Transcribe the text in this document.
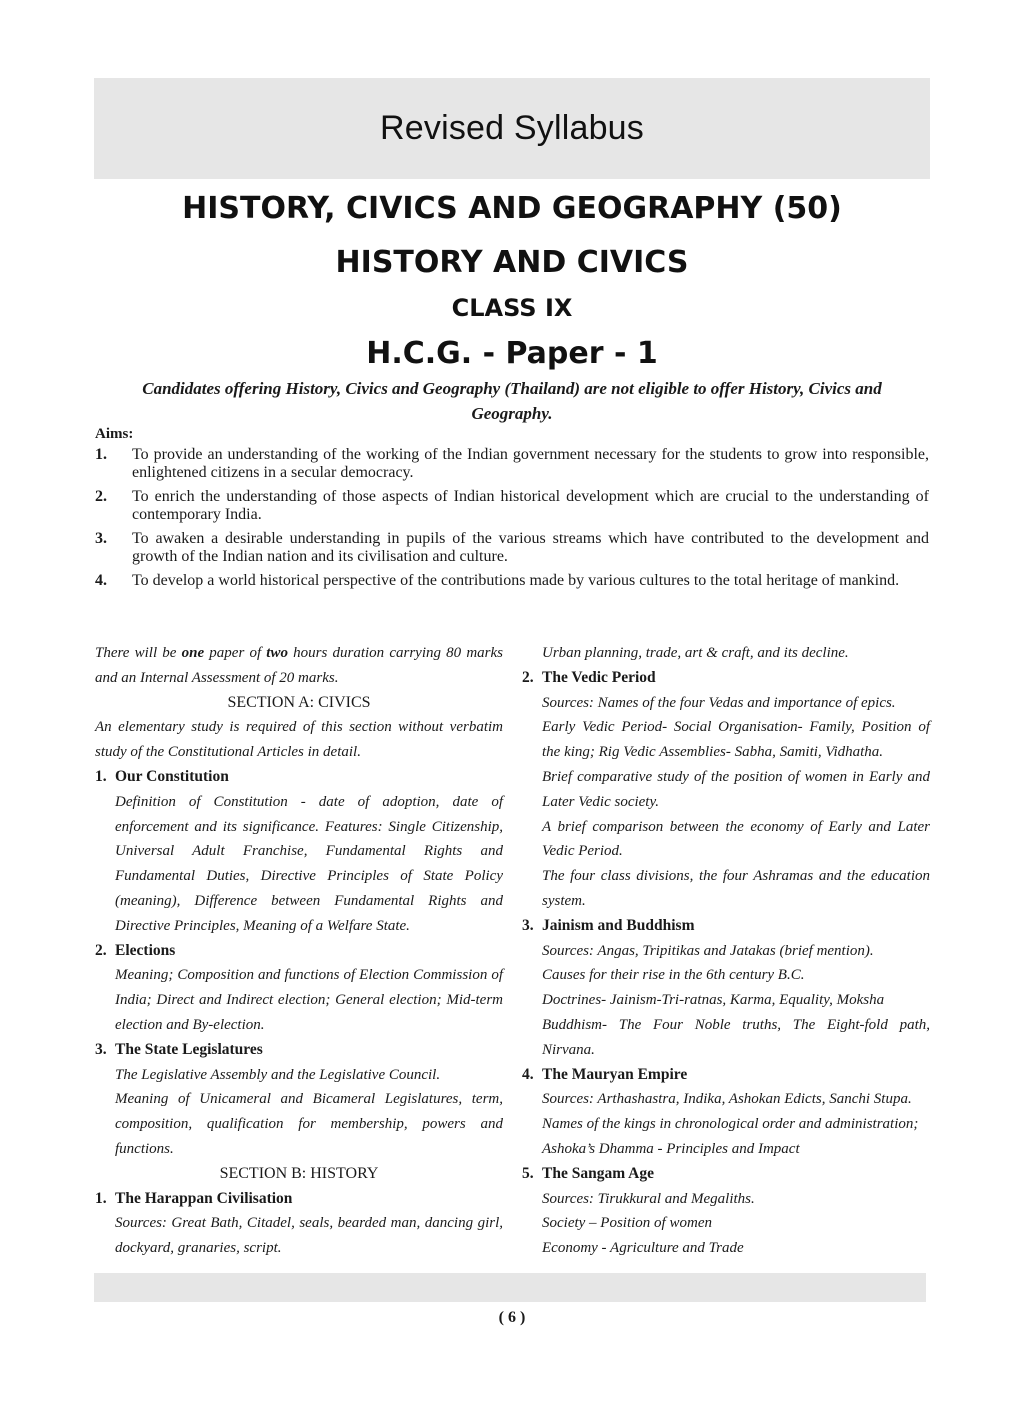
Revised Syllabus
HISTORY, CIVICS AND GEOGRAPHY (50)
HISTORY AND CIVICS
CLASS IX
H.C.G. - Paper - 1
Candidates offering History, Civics and Geography (Thailand) are not eligible to offer History, Civics and Geography.
Aims:
1.	To provide an understanding of the working of the Indian government necessary for the students to grow into responsible, enlightened citizens in a secular democracy.
2.	To enrich the understanding of those aspects of Indian historical development which are crucial to the understanding of contemporary India.
3.	To awaken a desirable understanding in pupils of the various streams which have contributed to the development and growth of the Indian nation and its civilisation and culture.
4.	To develop a world historical perspective of the contributions made by various cultures to the total heritage of mankind.
There will be one paper of two hours duration carrying 80 marks and an Internal Assessment of 20 marks.
SECTION A: CIVICS
An elementary study is required of this section without verbatim study of the Constitutional Articles in detail.
1. Our Constitution
Definition of Constitution - date of adoption, date of enforcement and its significance. Features: Single Citizenship, Universal Adult Franchise, Fundamental Rights and Fundamental Duties, Directive Principles of State Policy (meaning), Difference between Fundamental Rights and Directive Principles, Meaning of a Welfare State.
2. Elections
Meaning; Composition and functions of Election Commission of India; Direct and Indirect election; General election; Mid-term election and By-election.
3. The State Legislatures
The Legislative Assembly and the Legislative Council.
Meaning of Unicameral and Bicameral Legislatures, term, composition, qualification for membership, powers and functions.
SECTION B: HISTORY
1. The Harappan Civilisation
Sources: Great Bath, Citadel, seals, bearded man, dancing girl, dockyard, granaries, script.
Urban planning, trade, art & craft, and its decline.
2. The Vedic Period
Sources: Names of the four Vedas and importance of epics.
Early Vedic Period- Social Organisation- Family, Position of the king; Rig Vedic Assemblies- Sabha, Samiti, Vidhatha.
Brief comparative study of the position of women in Early and Later Vedic society.
A brief comparison between the economy of Early and Later Vedic Period.
The four class divisions, the four Ashramas and the education system.
3. Jainism and Buddhism
Sources: Angas, Tripitikas and Jatakas (brief mention).
Causes for their rise in the 6th century B.C.
Doctrines- Jainism-Tri-ratnas, Karma, Equality, Moksha
Buddhism- The Four Noble truths, The Eight-fold path, Nirvana.
4. The Mauryan Empire
Sources: Arthashastra, Indika, Ashokan Edicts, Sanchi Stupa.
Names of the kings in chronological order and administration;
Ashoka’s Dhamma - Principles and Impact
5. The Sangam Age
Sources: Tirukkural and Megaliths.
Society – Position of women
Economy - Agriculture and Trade
( 6 )
